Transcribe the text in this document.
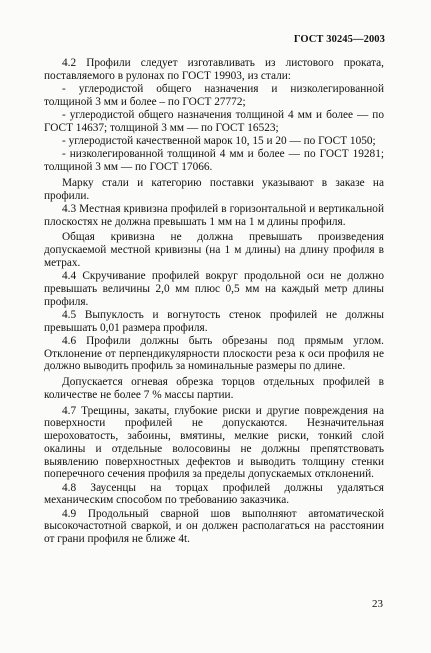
ГОСТ 30245—2003

4.2 Профили следует изготавливать из листового проката, поставляемого в рулонах по ГОСТ 19903, из стали:

- углеродистой общего назначения и низколегированной толщиной 3 мм и более – по ГОСТ 27772;

- углеродистой общего назначения толщиной 4 мм и более — по ГОСТ 14637; толщиной 3 мм — по ГОСТ 16523;

- углеродистой качественной марок 10, 15 и 20 — по ГОСТ 1050;

- низколегированной толщиной 4 мм и более — по ГОСТ 19281; толщиной 3 мм — по ГОСТ 17066.

Марку стали и категорию поставки указывают в заказе на профили.

4.3 Местная кривизна профилей в горизонтальной и вертикальной плоскостях не должна превышать 1 мм на 1 м длины профиля.

Общая кривизна не должна превышать произведения допускаемой местной кривизны (на 1 м длины) на длину профиля в метрах.

4.4 Скручивание профилей вокруг продольной оси не должно превышать величины 2,0 мм плюс 0,5 мм на каждый метр длины профиля.

4.5 Выпуклость и вогнутость стенок профилей не должны превышать 0,01 размера профиля.

4.6 Профили должны быть обрезаны под прямым углом. Отклонение от перпендикулярности плоскости реза к оси профиля не должно выводить профиль за номинальные размеры по длине.

Допускается огневая обрезка торцов отдельных профилей в количестве не более 7 % массы партии.

4.7 Трещины, закаты, глубокие риски и другие повреждения на поверхности профилей не допускаются. Незначительная шероховатость, забоины, вмятины, мелкие риски, тонкий слой окалины и отдельные волосовины не должны препятствовать выявлению поверхностных дефектов и выводить толщину стенки поперечного сечения профиля за пределы допускаемых отклонений.

4.8 Заусенцы на торцах профилей должны удаляться механическим способом по требованию заказчика.

4.9 Продольный сварной шов выполняют автоматической высокочастотной сваркой, и он должен располагаться на расстоянии от грани профиля не ближе 4t.

23
